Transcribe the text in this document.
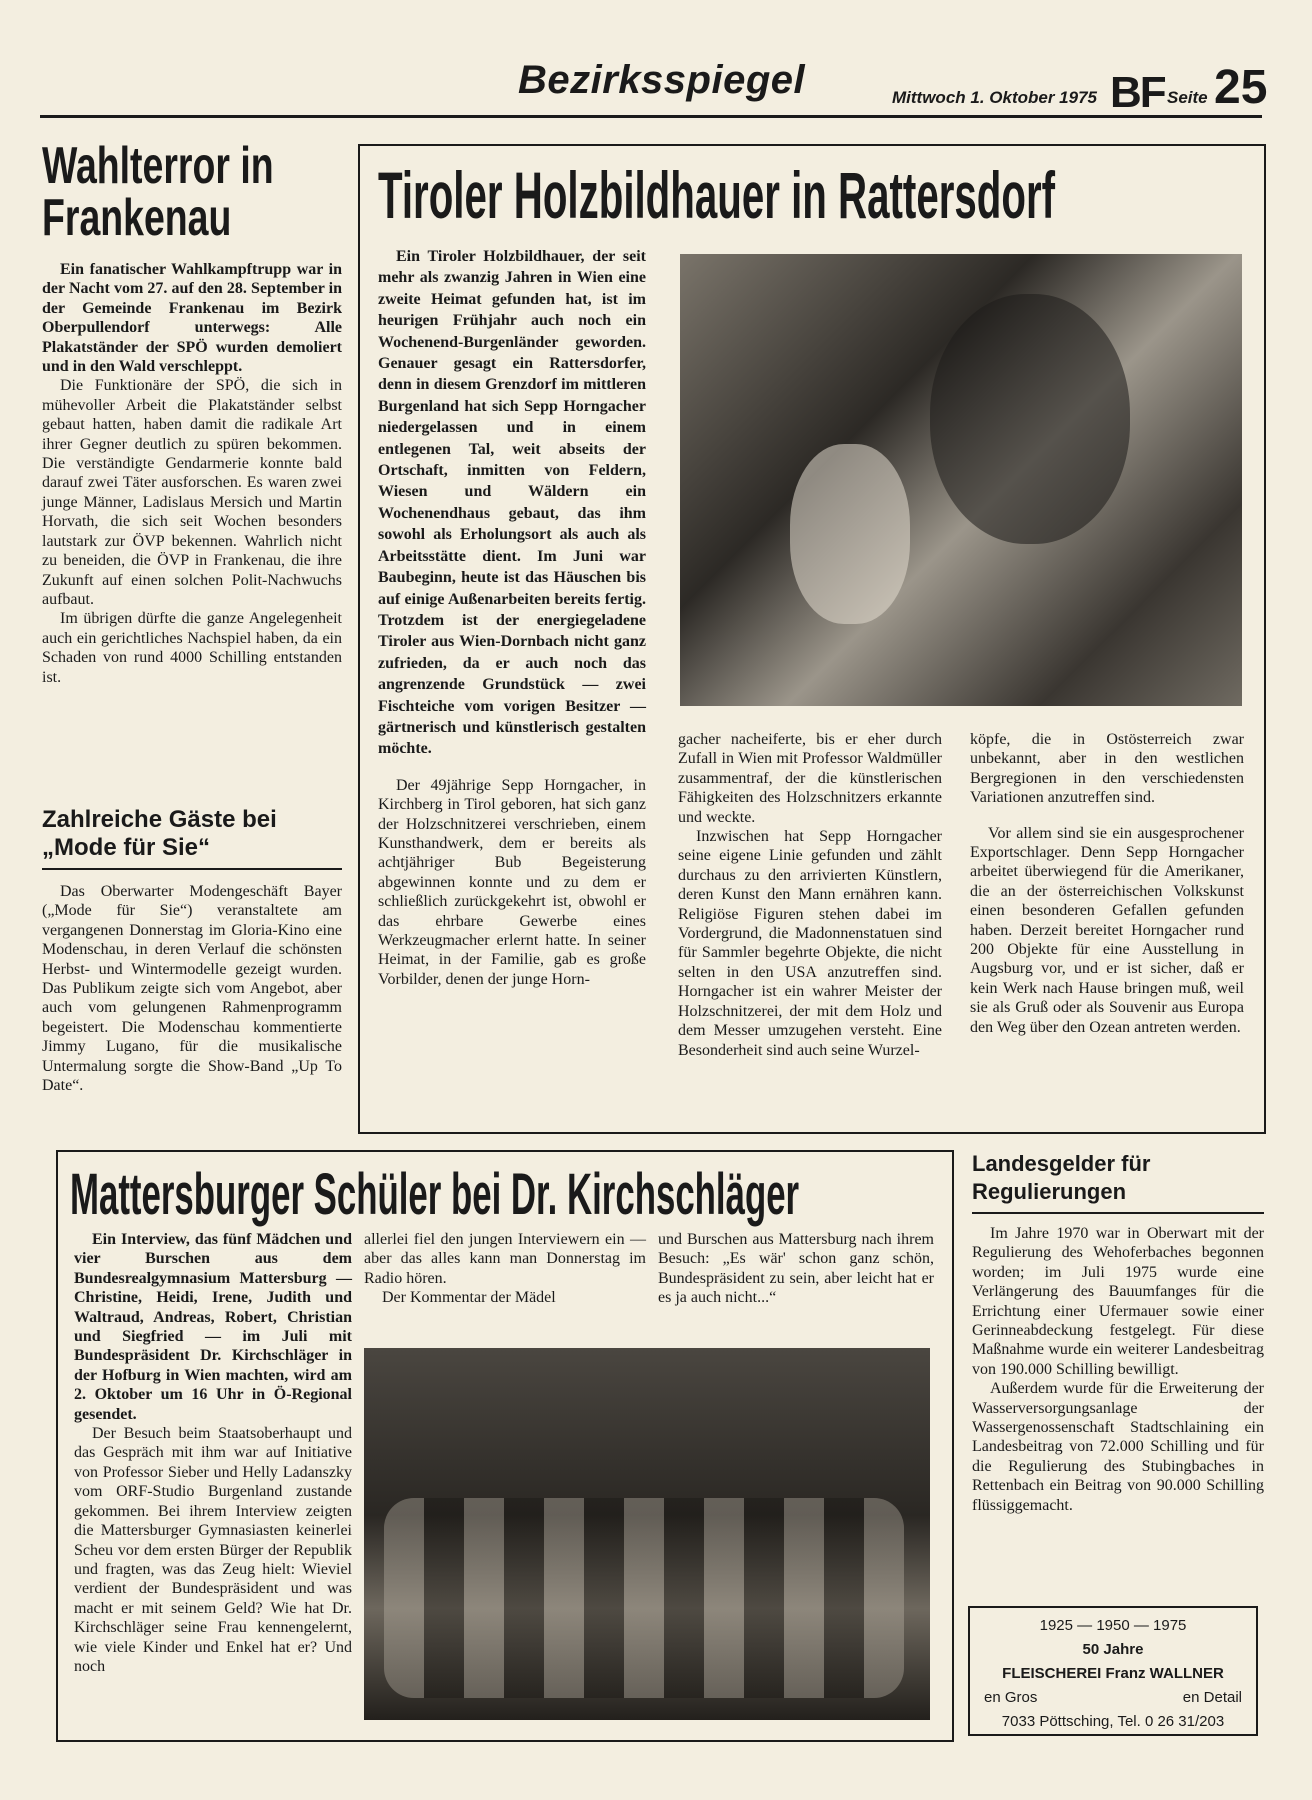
Bezirksspiegel	Mittwoch 1. Oktober 1975 BF Seite 25
Wahlterror in
Frankenau

Ein fanatischer Wahlkampftrupp war in der Nacht vom 27. auf den 28. September in der Gemeinde Frankenau im Bezirk Oberpullendorf unterwegs: Alle Plakatständer der SPÖ wurden demoliert und in den Wald verschleppt.

Die Funktionäre der SPÖ, die sich in mühevoller Arbeit die Plakatständer selbst gebaut hatten, haben damit die radikale Art ihrer Gegner deutlich zu spüren bekommen. Die verständigte Gendarmerie konnte bald darauf zwei Täter ausforschen. Es waren zwei junge Männer, Ladislaus Mersich und Martin Horvath, die sich seit Wochen besonders lautstark zur ÖVP bekennen. Wahrlich nicht zu beneiden, die ÖVP in Frankenau, die ihre Zukunft auf einen solchen Polit-Nachwuchs aufbaut.

Im übrigen dürfte die ganze Angelegenheit auch ein gerichtliches Nachspiel haben, da ein Schaden von rund 4000 Schilling entstanden ist.

Zahlreiche Gäste bei
„Mode für Sie“

Das Oberwarter Modengeschäft Bayer („Mode für Sie“) veranstaltete am vergangenen Donnerstag im Gloria-Kino eine Modenschau, in deren Verlauf die schönsten Herbst- und Wintermodelle gezeigt wurden. Das Publikum zeigte sich vom Angebot, aber auch vom gelungenen Rahmenprogramm begeistert. Die Modenschau kommentierte Jimmy Lugano, für die musikalische Untermalung sorgte die Show-Band „Up To Date“.

Tiroler Holzbildhauer in Rattersdorf

Ein Tiroler Holzbildhauer, der seit mehr als zwanzig Jahren in Wien eine zweite Heimat gefunden hat, ist im heurigen Frühjahr auch noch ein Wochenend-Burgenländer geworden. Genauer gesagt ein Rattersdorfer, denn in diesem Grenzdorf im mittleren Burgenland hat sich Sepp Horngacher niedergelassen und in einem entlegenen Tal, weit abseits der Ortschaft, inmitten von Feldern, Wiesen und Wäldern ein Wochenendhaus gebaut, das ihm sowohl als Erholungsort als auch als Arbeitsstätte dient. Im Juni war Baubeginn, heute ist das Häuschen bis auf einige Außenarbeiten bereits fertig. Trotzdem ist der energiegeladene Tiroler aus Wien-Dornbach nicht ganz zufrieden, da er auch noch das angrenzende Grundstück — zwei Fischteiche vom vorigen Besitzer — gärtnerisch und künstlerisch gestalten möchte.

Der 49jährige Sepp Horngacher, in Kirchberg in Tirol geboren, hat sich ganz der Holzschnitzerei verschrieben, einem Kunsthandwerk, dem er bereits als achtjähriger Bub Begeisterung abgewinnen konnte und zu dem er schließlich zurückgekehrt ist, obwohl er das ehrbare Gewerbe eines Werkzeugmacher erlernt hatte. In seiner Heimat, in der Familie, gab es große Vorbilder, denen der junge Horn-

gacher nacheiferte, bis er eher durch Zufall in Wien mit Professor Waldmüller zusammentraf, der die künstlerischen Fähigkeiten des Holzschnitzers erkannte und weckte.

Inzwischen hat Sepp Horngacher seine eigene Linie gefunden und zählt durchaus zu den arrivierten Künstlern, deren Kunst den Mann ernähren kann. Religiöse Figuren stehen dabei im Vordergrund, die Madonnenstatuen sind für Sammler begehrte Objekte, die nicht selten in den USA anzutreffen sind. Horngacher ist ein wahrer Meister der Holzschnitzerei, der mit dem Holz und dem Messer umzugehen versteht. Eine Besonderheit sind auch seine Wurzel-

köpfe, die in Ostösterreich zwar unbekannt, aber in den westlichen Bergregionen in den verschiedensten Variationen anzutreffen sind.

Vor allem sind sie ein ausgesprochener Exportschlager. Denn Sepp Horngacher arbeitet überwiegend für die Amerikaner, die an der österreichischen Volkskunst einen besonderen Gefallen gefunden haben. Derzeit bereitet Horngacher rund 200 Objekte für eine Ausstellung in Augsburg vor, und er ist sicher, daß er kein Werk nach Hause bringen muß, weil sie als Gruß oder als Souvenir aus Europa den Weg über den Ozean antreten werden.

Mattersburger Schüler bei Dr. Kirchschläger

Ein Interview, das fünf Mädchen und vier Burschen aus dem Bundesrealgymnasium Mattersburg — Christine, Heidi, Irene, Judith und Waltraud, Andreas, Robert, Christian und Siegfried — im Juli mit Bundespräsident Dr. Kirchschläger in der Hofburg in Wien machten, wird am 2. Oktober um 16 Uhr in Ö-Regional gesendet.

Der Besuch beim Staatsoberhaupt und das Gespräch mit ihm war auf Initiative von Professor Sieber und Helly Ladanszky vom ORF-Studio Burgenland zustande gekommen. Bei ihrem Interview zeigten die Mattersburger Gymnasiasten keinerlei Scheu vor dem ersten Bürger der Republik und fragten, was das Zeug hielt: Wieviel verdient der Bundespräsident und was macht er mit seinem Geld? Wie hat Dr. Kirchschläger seine Frau kennengelernt, wie viele Kinder und Enkel hat er? Und noch

allerlei fiel den jungen Interviewern ein — aber das alles kann man Donnerstag im Radio hören.

Der Kommentar der Mädel

und Burschen aus Mattersburg nach ihrem Besuch: „Es wär' schon ganz schön, Bundespräsident zu sein, aber leicht hat er es ja auch nicht...“

Landesgelder für
Regulierungen

Im Jahre 1970 war in Oberwart mit der Regulierung des Wehoferbaches begonnen worden; im Juli 1975 wurde eine Verlängerung des Bauumfanges für die Errichtung einer Ufermauer sowie einer Gerinneabdeckung festgelegt. Für diese Maßnahme wurde ein weiterer Landesbeitrag von 190.000 Schilling bewilligt.

Außerdem wurde für die Erweiterung der Wasserversorgungsanlage der Wassergenossenschaft Stadtschlaining ein Landesbeitrag von 72.000 Schilling und für die Regulierung des Stubingbaches in Rettenbach ein Beitrag von 90.000 Schilling flüssiggemacht.

1925 — 1950 — 1975
50 Jahre
FLEISCHEREI Franz WALLNER
en Gros	en Detail
7033 Pöttsching, Tel. 0 26 31/203
